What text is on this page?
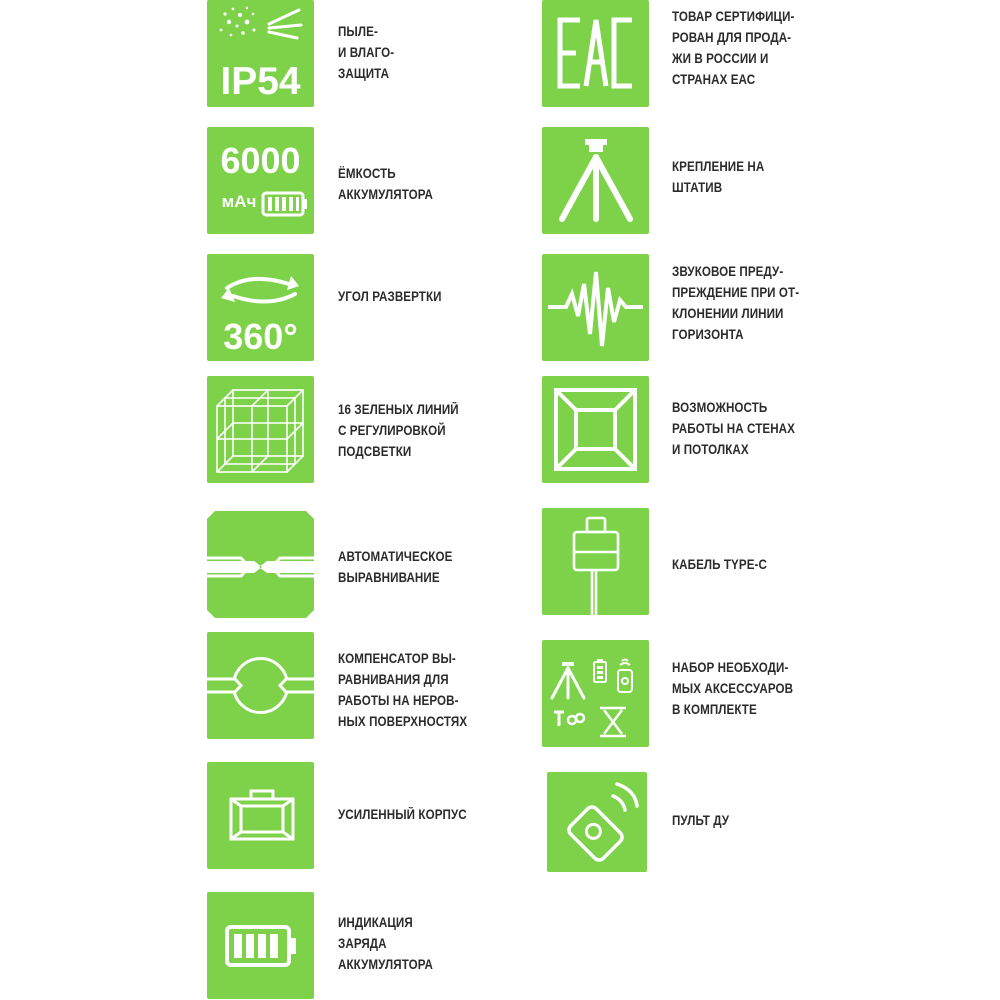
IP54
ПЫЛЕ-
И ВЛАГО-
ЗАЩИТА
6000
мАч
ЁМКОСТЬ
АККУМУЛЯТОРА
360°
УГОЛ РАЗВЕРТКИ
16 ЗЕЛЕНЫХ ЛИНИЙ
С РЕГУЛИРОВКОЙ
ПОДСВЕТКИ
АВТОМАТИЧЕСКОЕ
ВЫРАВНИВАНИЕ
КОМПЕНСАТОР ВЫ-
РАВНИВАНИЯ ДЛЯ
РАБОТЫ НА НЕРОВ-
НЫХ ПОВЕРХНОСТЯХ
УСИЛЕННЫЙ КОРПУС
ИНДИКАЦИЯ
ЗАРЯДА
АККУМУЛЯТОРА
ТОВАР СЕРТИФИЦИ-
РОВАН ДЛЯ ПРОДА-
ЖИ В РОССИИ И
СТРАНАХ ЕАС
КРЕПЛЕНИЕ НА
ШТАТИВ
ЗВУКОВОЕ ПРЕДУ-
ПРЕЖДЕНИЕ ПРИ ОТ-
КЛОНЕНИИ ЛИНИИ
ГОРИЗОНТА
ВОЗМОЖНОСТЬ
РАБОТЫ НА СТЕНАХ
И ПОТОЛКАХ
КАБЕЛЬ TYPE-C
НАБОР НЕОБХОДИ-
МЫХ АКСЕССУАРОВ
В КОМПЛЕКТЕ
ПУЛЬТ ДУ
